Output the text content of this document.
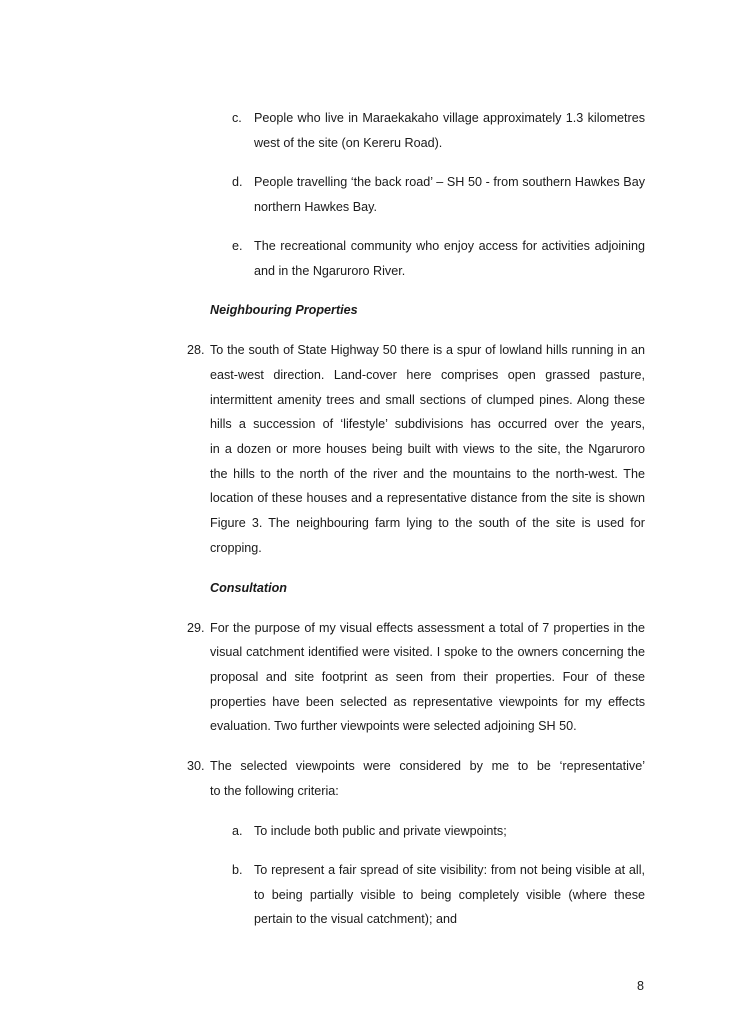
c. People who live in Maraekakaho village approximately 1.3 kilometres
west of the site (on Kereru Road).
d. People travelling ‘the back road’ – SH 50 - from southern Hawkes Bay
northern Hawkes Bay.
e. The recreational community who enjoy access for activities adjoining
and in the Ngaruroro River.
Neighbouring Properties
28. To the south of State Highway 50 there is a spur of lowland hills running in an
east-west direction. Land-cover here comprises open grassed pasture,
intermittent amenity trees and small sections of clumped pines. Along these
hills a succession of ‘lifestyle’ subdivisions has occurred over the years,
in a dozen or more houses being built with views to the site, the Ngaruroro
the hills to the north of the river and the mountains to the north-west. The
location of these houses and a representative distance from the site is shown
Figure 3. The neighbouring farm lying to the south of the site is used for
cropping.
Consultation
29. For the purpose of my visual effects assessment a total of 7 properties in the
visual catchment identified were visited. I spoke to the owners concerning the
proposal and site footprint as seen from their properties. Four of these
properties have been selected as representative viewpoints for my effects
evaluation. Two further viewpoints were selected adjoining SH 50.
30. The selected viewpoints were considered by me to be ‘representative’
to the following criteria:
a. To include both public and private viewpoints;
b. To represent a fair spread of site visibility: from not being visible at all,
to being partially visible to being completely visible (where these
pertain to the visual catchment); and
8
